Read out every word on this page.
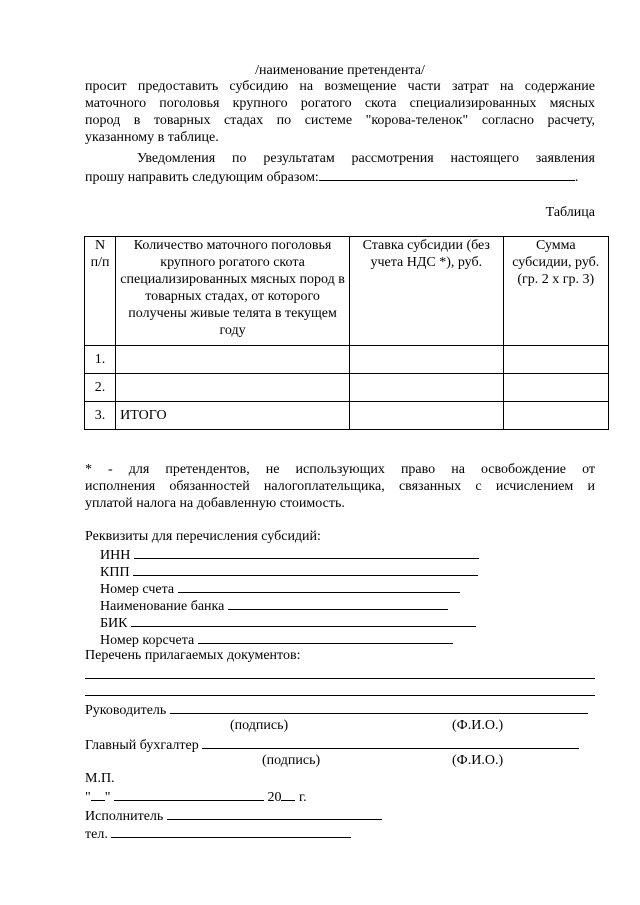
/наименование претендента/
просит предоставить субсидию на возмещение части затрат на содержание
маточного поголовья крупного рогатого скота специализированных мясных
пород в товарных стадах по системе "корова-теленок" согласно расчету,
указанному в таблице.
Уведомления по результатам рассмотрения настоящего заявления
прошу направить следующим образом:	.
Таблица
N п/п	Количество маточного поголовья крупного рогатого скота специализированных мясных пород в товарных стадах, от которого получены живые телята в текущем году	Ставка субсидии (без учета НДС *), руб.	Сумма субсидии, руб. (гр. 2 x гр. 3)
1.			
2.			
3.	ИТОГО		
* - для претендентов, не использующих право на освобождение от
исполнения обязанностей налогоплательщика, связанных с исчислением и
уплатой налога на добавленную стоимость.
Реквизиты для перечисления субсидий:
ИНН
КПП
Номер счета
Наименование банка
БИК
Номер корсчета
Перечень прилагаемых документов:
Руководитель
(подпись)	(Ф.И.О.)
Главный бухгалтер
(подпись)	(Ф.И.О.)
М.П.
" "	20 г.
Исполнитель
тел.
